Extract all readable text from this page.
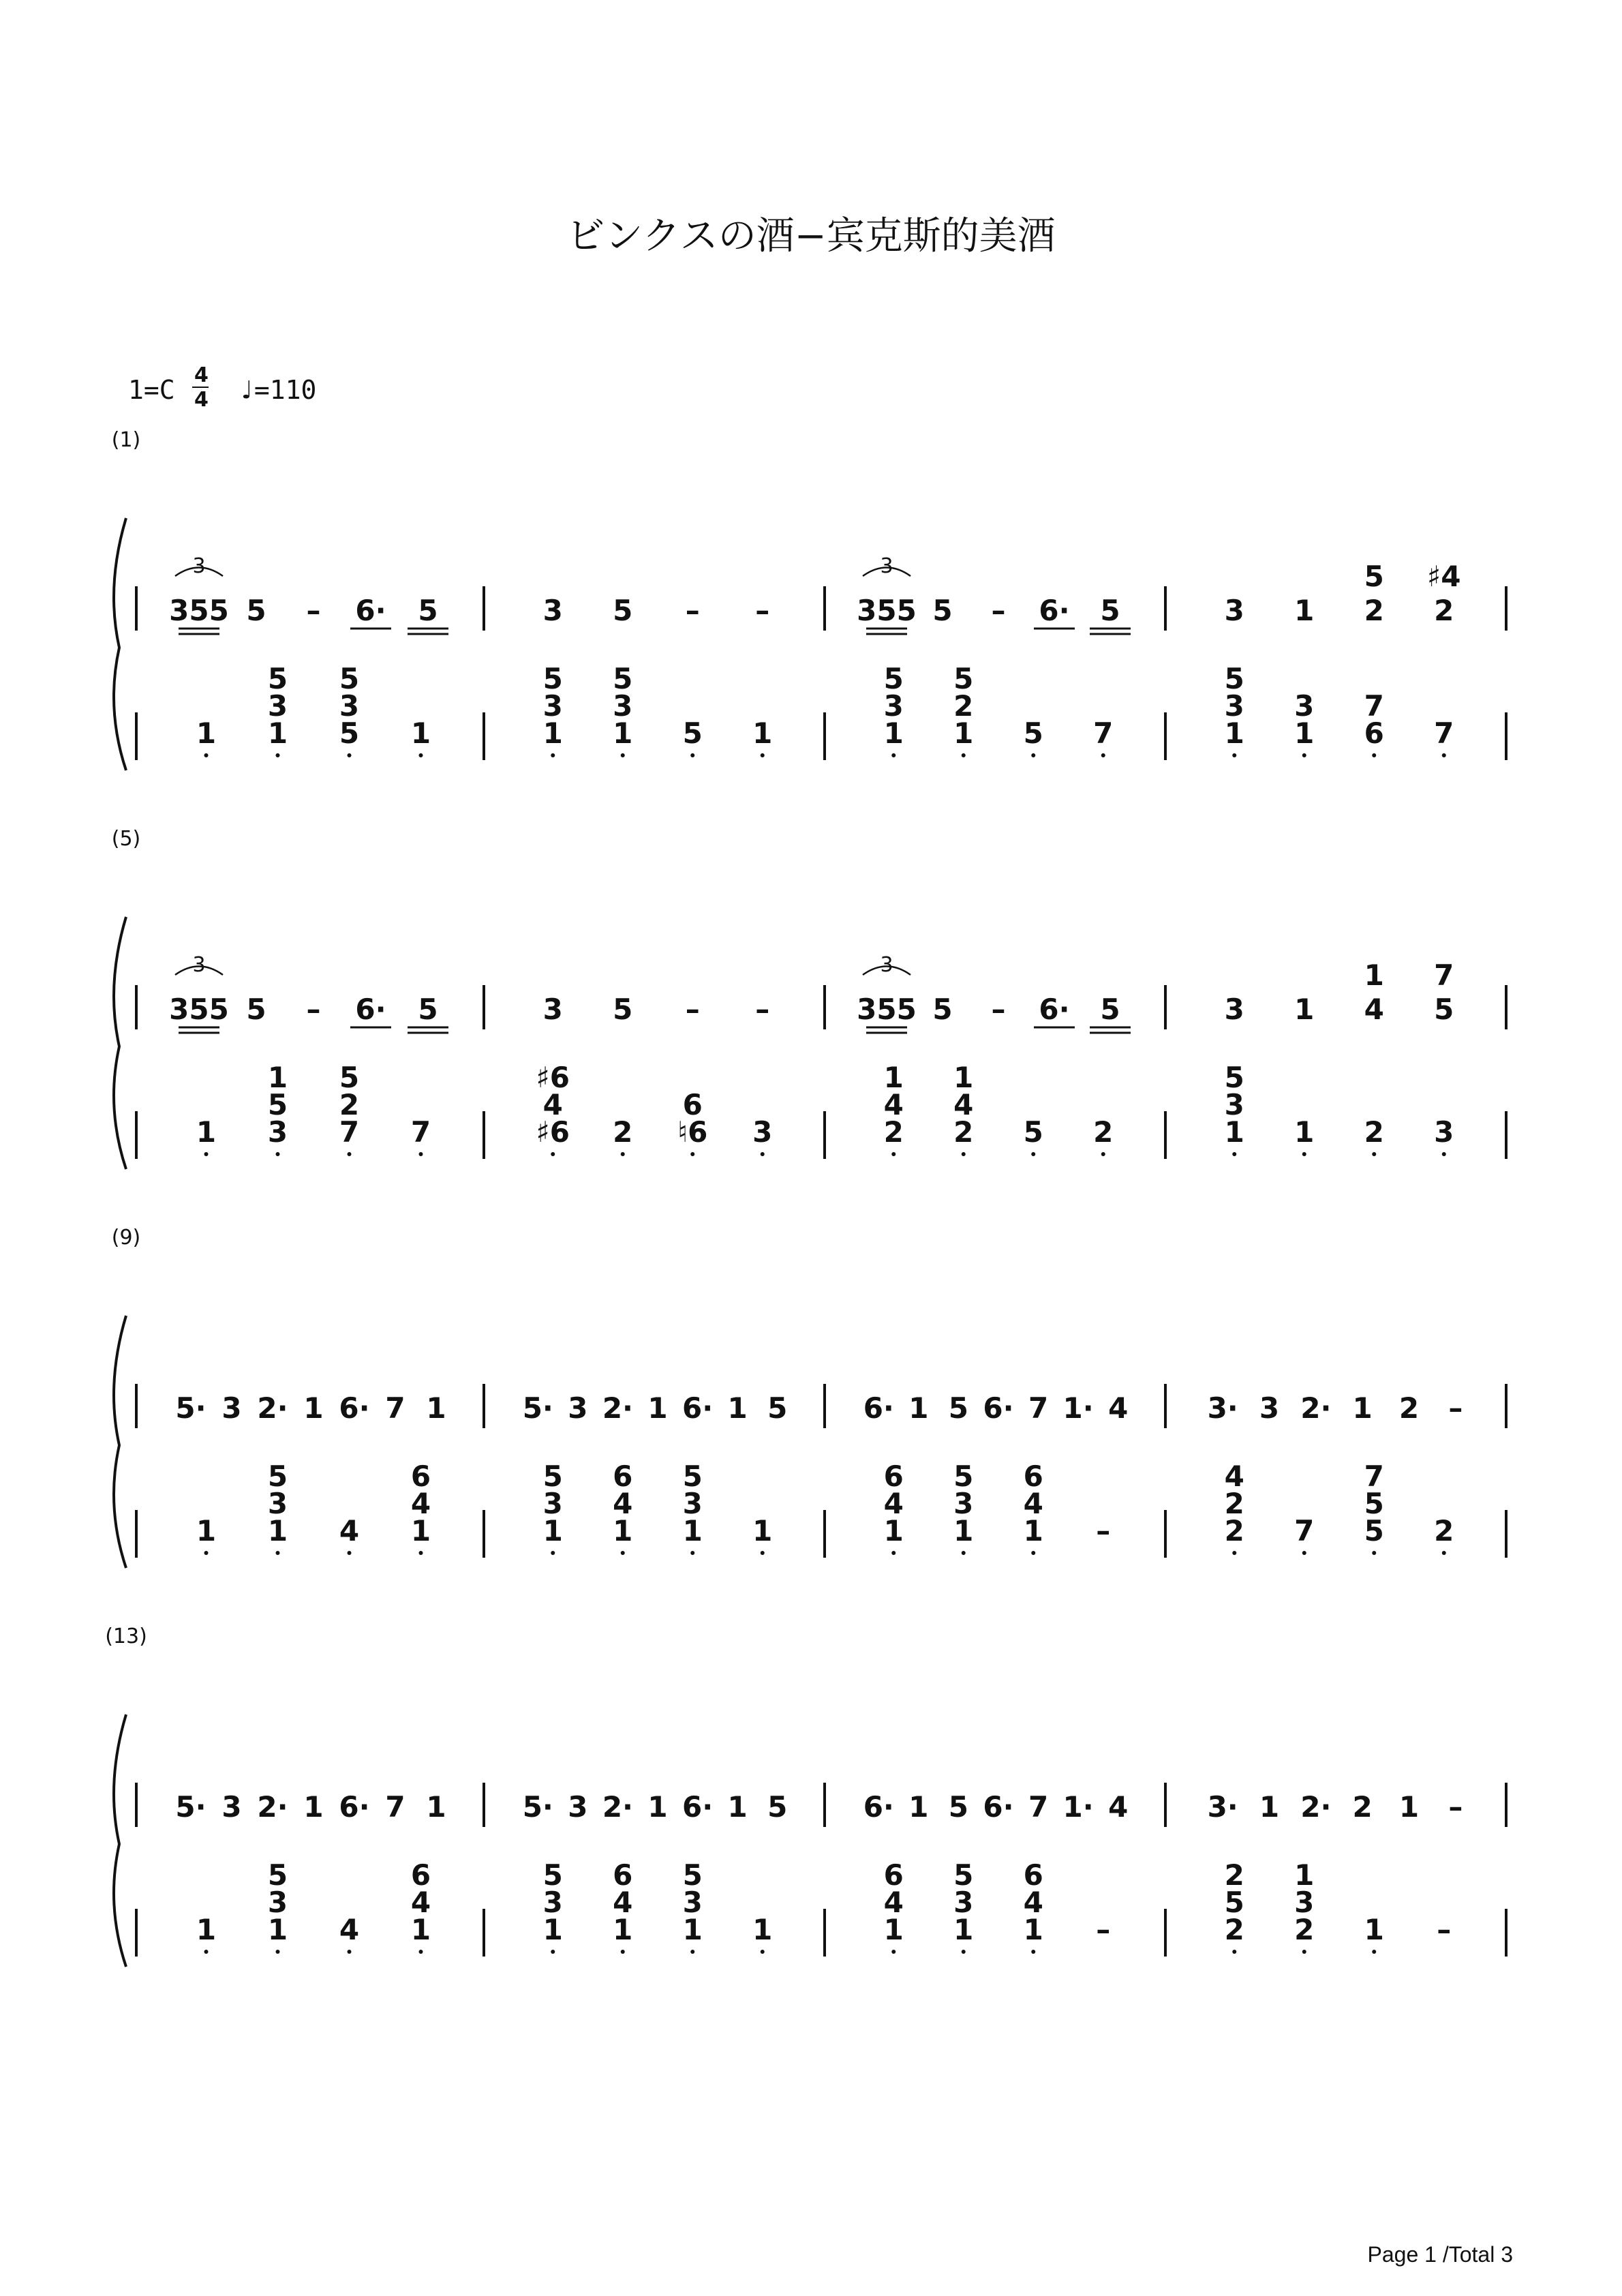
ビンクスの酒−宾克斯的美酒
1=C 4
4 ♩=110
(1)
355
3
5 – 6· 5	3 5 – –	355
3
5 – 6· 5	3 1 2
5
2
♯4
1 1
5
3
5
5
3
1	1
5
3
1
5
3
5 1	1
5
3
1
5
2
5 7	1
5
3
1
3
6
7
7
(5)
355
3
5 – 6· 5	3 5 – –	355
3
5 – 6· 5	3 1 4
1
5
7
1 3
1
5
7
5
2
7	♯6
♯6
4
2 ♮6
6
3	2
1
4
2
1
4
5 2	1
5
3
1 2 3
(9)
5· 3 2· 1 6· 7 1	5· 3 2· 1 6· 1 5	6· 1 5 6· 7 1· 4	3· 3 2· 1 2 –
1 1
5
3
4 1
6
4
1
5
3
1
6
4
1
5
3
1	1
6
4
1
5
3
1
6
4
–	2
4
2
7 5
7
5
2
(13)
5· 3 2· 1 6· 7 1	5· 3 2· 1 6· 1 5	6· 1 5 6· 7 1· 4	3· 1 2· 2 1 –
1 1
5
3
4 1
6
4
1
5
3
1
6
4
1
5
3
1	1
6
4
1
5
3
1
6
4
–	2
2
5
2
1
3
1 –
Page 1 /Total 3
